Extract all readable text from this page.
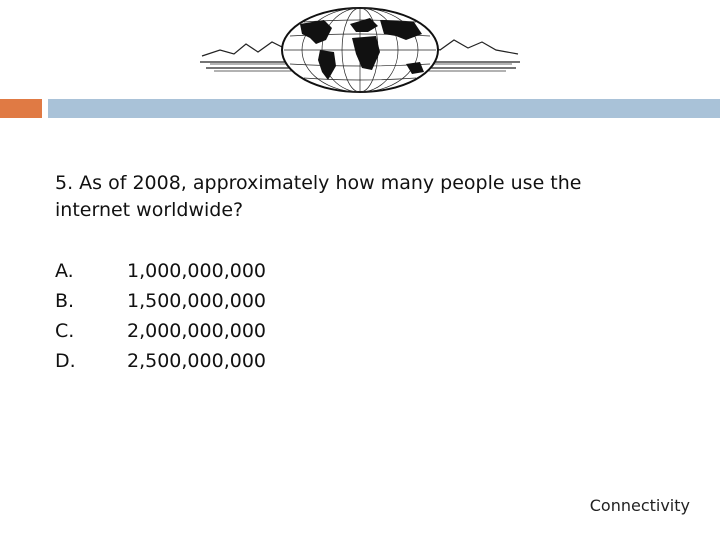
5. As of 2008, approximately how many people use the
internet worldwide?

A.	1,000,000,000
B.	1,500,000,000
C.	2,000,000,000
D.	2,500,000,000
Connectivity
